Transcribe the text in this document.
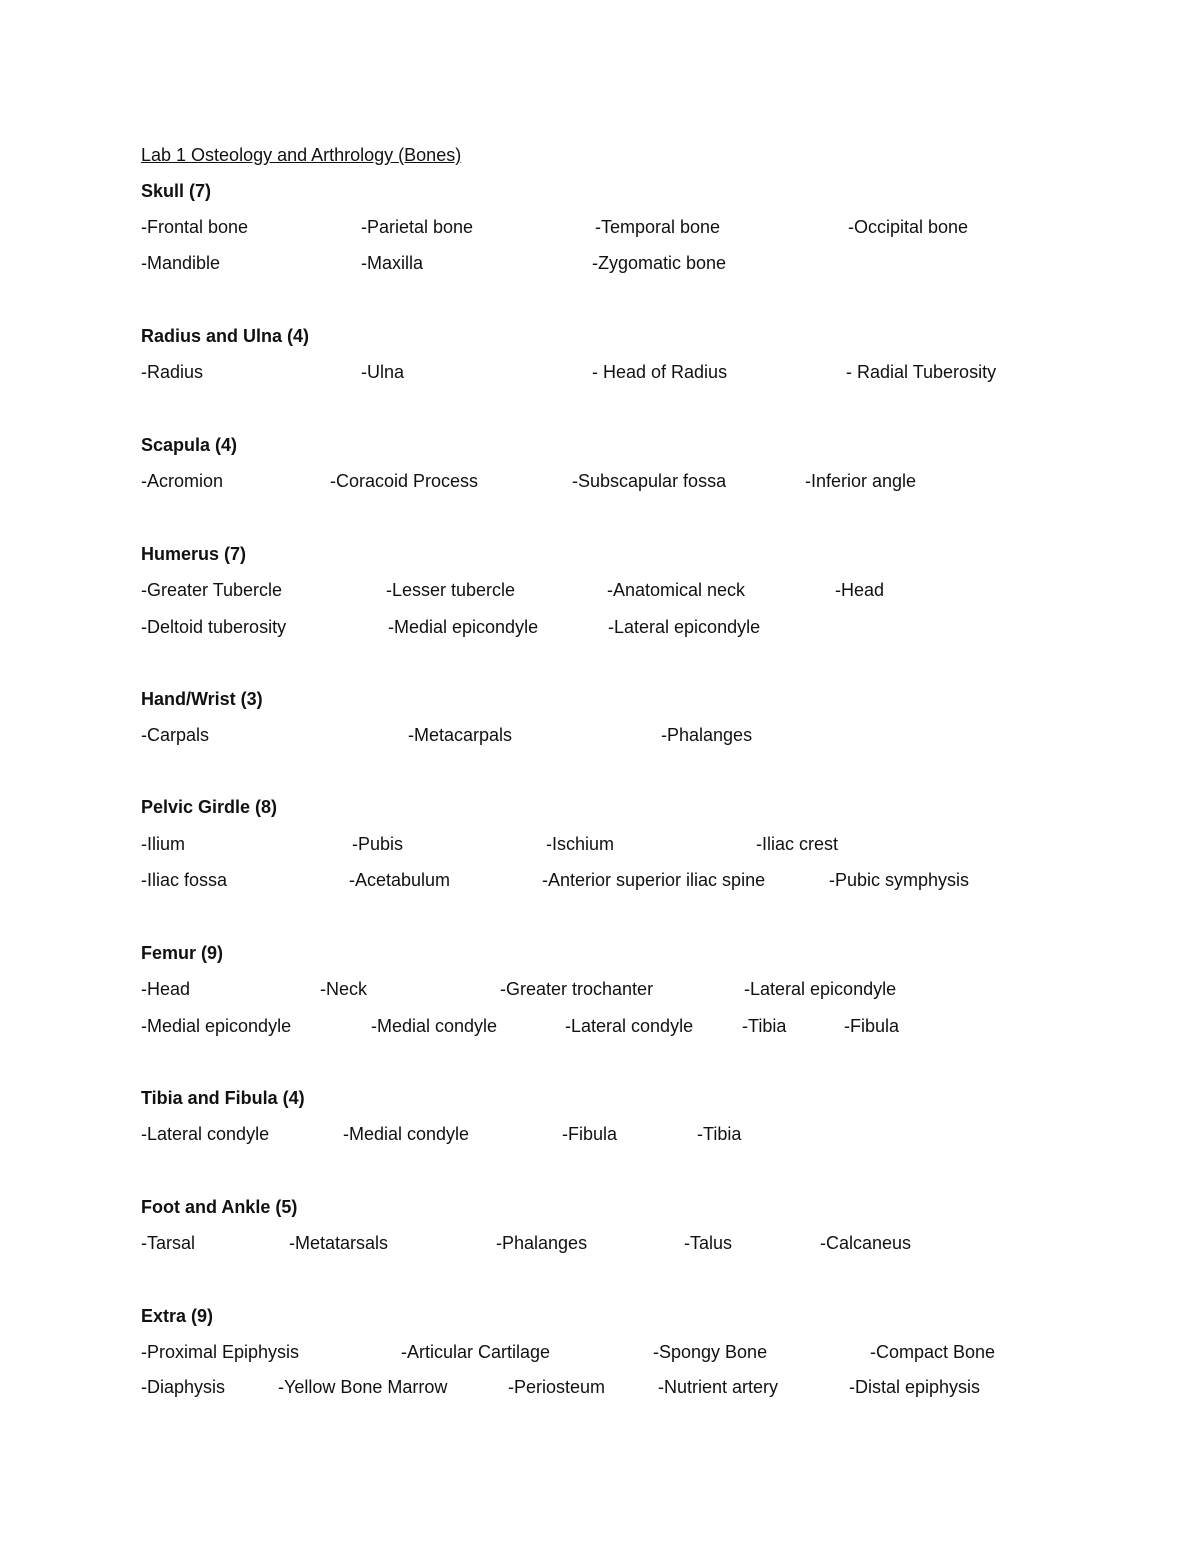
Lab 1 Osteology and Arthrology (Bones)
Skull (7)
-Frontal bone	-Parietal bone	-Temporal bone	-Occipital bone
-Mandible	-Maxilla	-Zygomatic bone
Radius and Ulna (4)
-Radius	-Ulna	- Head of Radius	- Radial Tuberosity
Scapula (4)
-Acromion	-Coracoid Process	-Subscapular fossa	-Inferior angle
Humerus (7)
-Greater Tubercle	-Lesser tubercle	-Anatomical neck	-Head
-Deltoid tuberosity	-Medial epicondyle	-Lateral epicondyle
Hand/Wrist (3)
-Carpals	-Metacarpals	-Phalanges
Pelvic Girdle (8)
-Ilium	-Pubis	-Ischium	-Iliac crest
-Iliac fossa	-Acetabulum	-Anterior superior iliac spine	-Pubic symphysis
Femur (9)
-Head	-Neck	-Greater trochanter	-Lateral epicondyle
-Medial epicondyle	-Medial condyle	-Lateral condyle	-Tibia	-Fibula
Tibia and Fibula (4)
-Lateral condyle	-Medial condyle	-Fibula	-Tibia
Foot and Ankle (5)
-Tarsal	-Metatarsals	-Phalanges	-Talus	-Calcaneus
Extra (9)
-Proximal Epiphysis	-Articular Cartilage	-Spongy Bone	-Compact Bone
-Diaphysis	-Yellow Bone Marrow	-Periosteum	-Nutrient artery	-Distal epiphysis
